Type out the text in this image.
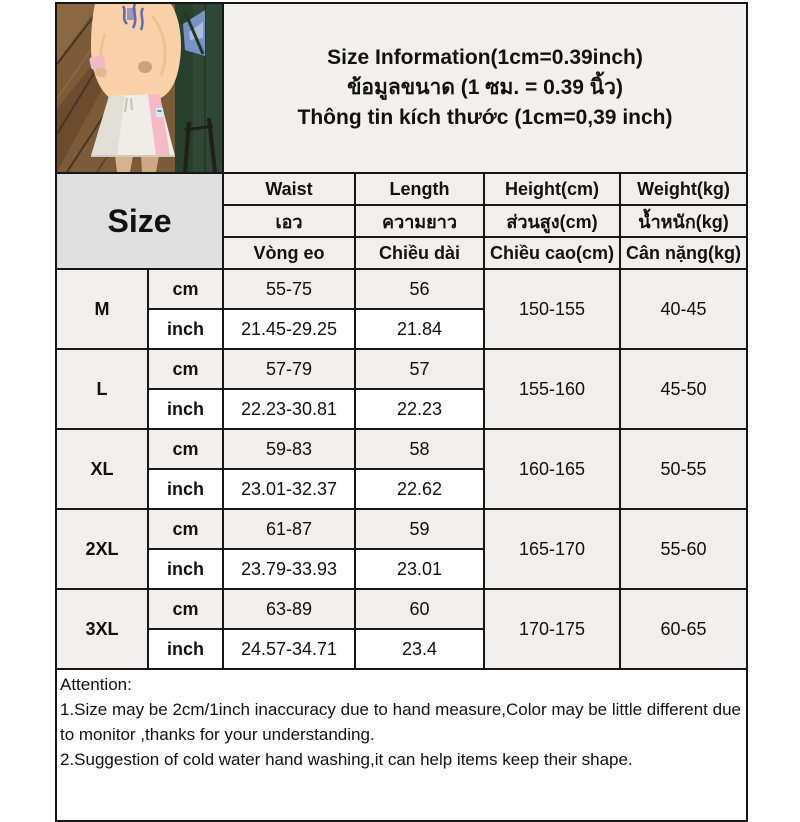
Size Information(1cm=0.39inch)
ข้อมูลขนาด (1 ซม. = 0.39 นิ้ว)
Thông tin kích thước (1cm=0,39 inch)			

Size		Waist	Length	Height(cm)	Weight(kg)
		เอว	ความยาว	ส่วนสูง(cm)	น้ำหนัก(kg)
		Vòng eo	Chiều dài	Chiều cao(cm)	Cân nặng(kg)
M	cm	55-75	56	150-155	40-45
	inch	21.45-29.25	21.84		
L	cm	57-79	57	155-160	45-50
	inch	22.23-30.81	22.23		
XL	cm	59-83	58	160-165	50-55
	inch	23.01-32.37	22.62		
2XL	cm	61-87	59	165-170	55-60
	inch	23.79-33.93	23.01		
3XL	cm	63-89	60	170-175	60-65
	inch	24.57-34.71	23.4		

Attention:
1.Size may be 2cm/1inch inaccuracy due to hand measure,Color may be little different due to monitor ,thanks for your understanding.
2.Suggestion of cold water hand washing,it can help items keep their shape.					
